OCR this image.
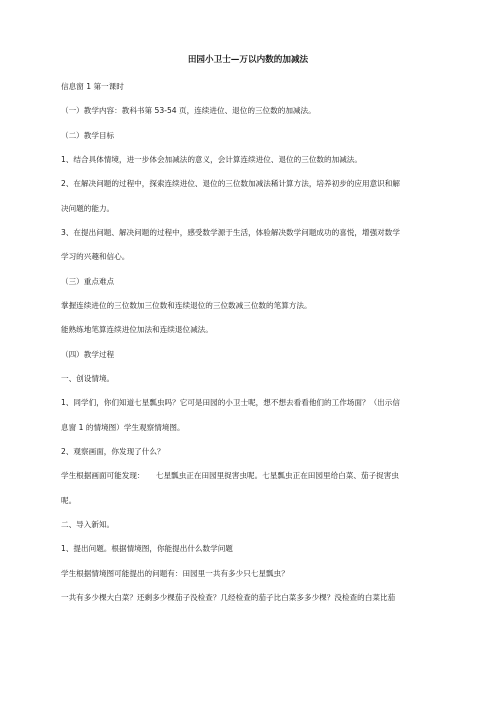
田园小卫士—万以内数的加减法
信息窗 1 第一课时
（一）教学内容：教科书第 53-54 页，连续进位、退位的三位数的加减法。
（二）教学目标
1、结合具体情境，进一步体会加减法的意义，会计算连续进位、退位的三位数的加减法。
2、在解决问题的过程中，探索连续进位、退位的三位数加减法稀计算方法，培养初步的应用意识和解
决问题的能力。
3、在提出问题、解决问题的过程中，感受数学源于生活，体验解决数学问题成功的喜悦，增强对数学
学习的兴趣和信心。
（三）重点难点
掌握连续进位的三位数加三位数和连续退位的三位数减三位数的笔算方法。
能熟练地笔算连续进位加法和连续退位减法。
（四）教学过程
一、创设情境。
1、同学们，你们知道七星瓢虫吗？它可是田园的小卫士呢，想不想去看看他们的工作场面？（出示信
息窗 1 的情境图）学生观察情境图。
2、观察画面，你发现了什么？
学生根据画面可能发现：　　七星瓢虫正在田园里捉害虫呢。七星瓢虫正在田园里给白菜、茄子捉害虫
呢。
二、导入新知。
1、提出问题。根据情境图，你能提出什么数学问题
学生根据情境图可能提出的问题有：田园里一共有多少只七星瓢虫？
一共有多少棵大白菜？还剩多少棵茄子没检查？几经检查的茄子比白菜多多少棵？没检查的白菜比茄
